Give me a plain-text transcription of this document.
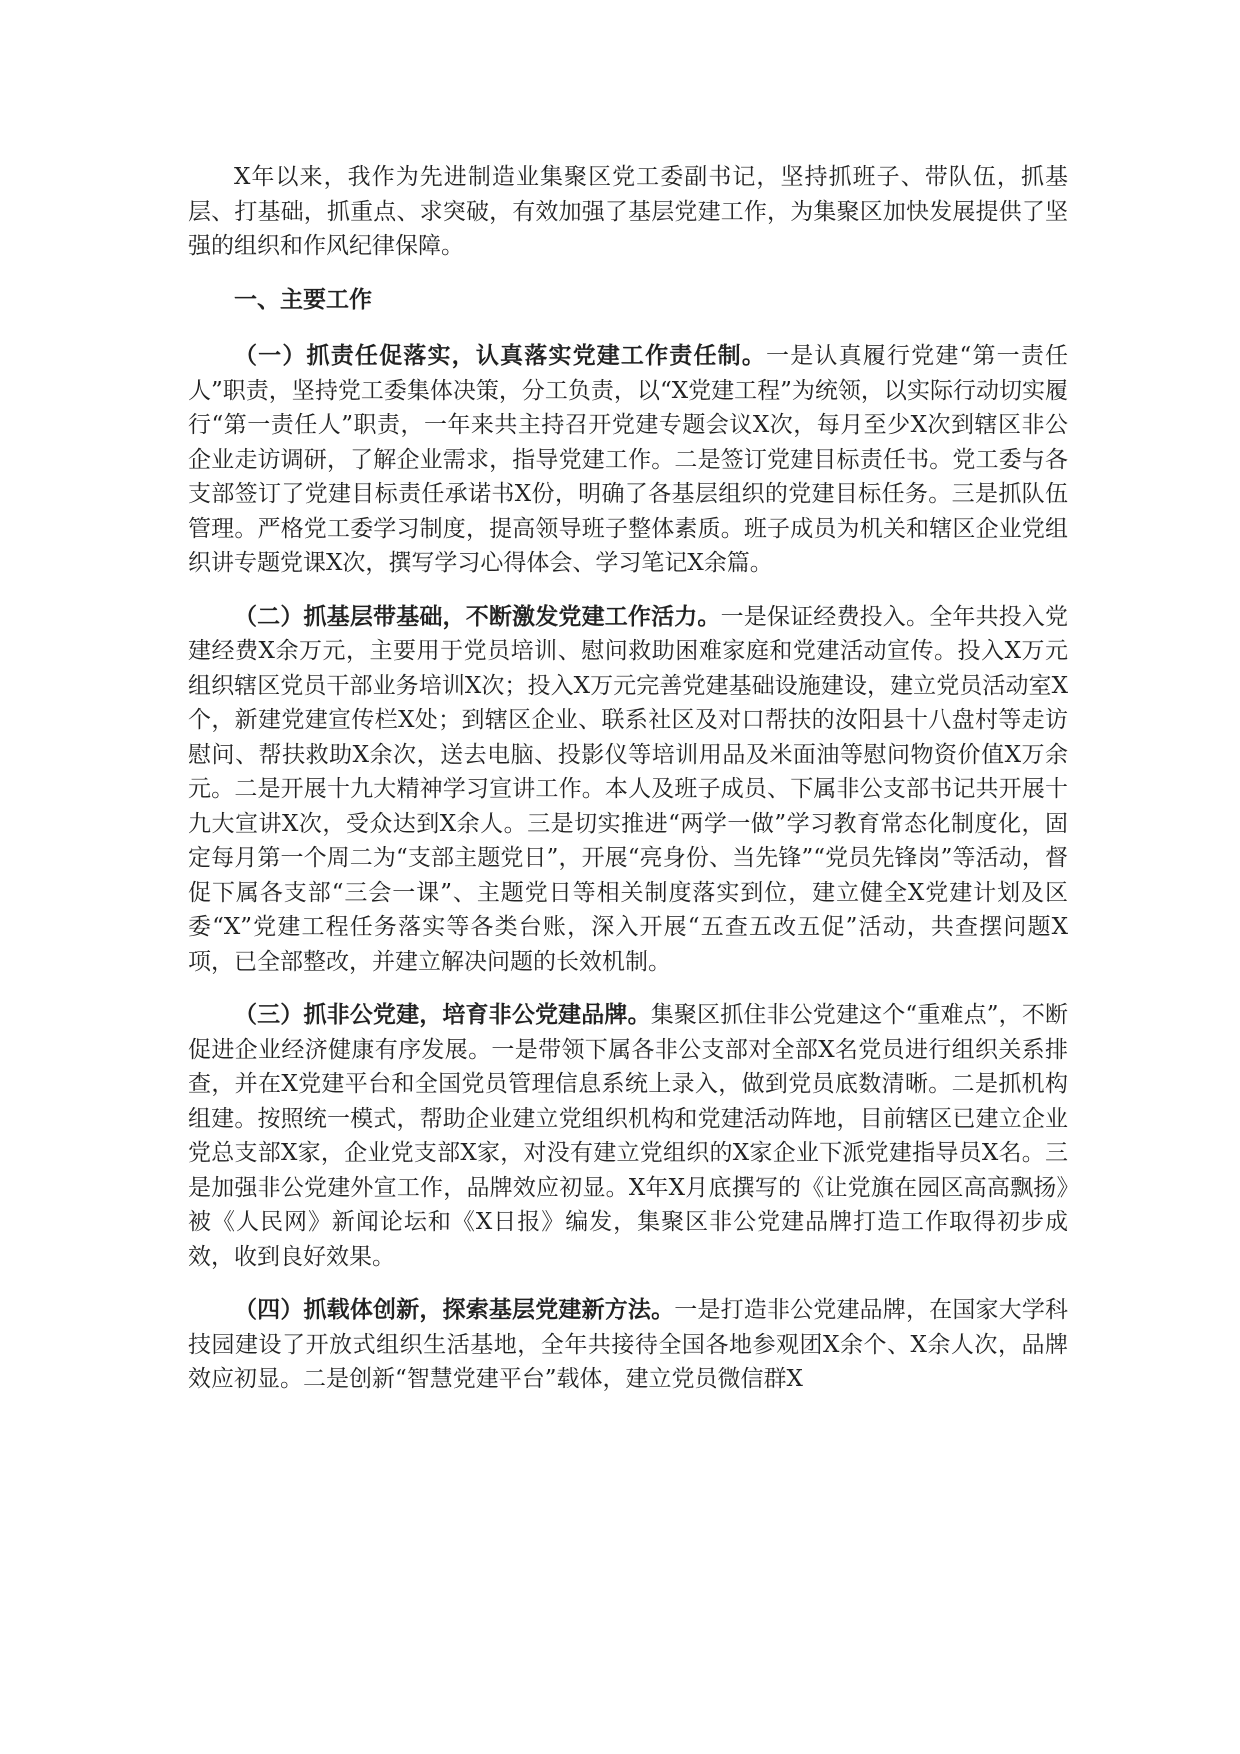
X年以来，我作为先进制造业集聚区党工委副书记，坚持抓班子、带队伍，抓基层、打基础，抓重点、求突破，有效加强了基层党建工作，为集聚区加快发展提供了坚强的组织和作风纪律保障。

一、主要工作

（一）抓责任促落实，认真落实党建工作责任制。一是认真履行党建“第一责任人”职责，坚持党工委集体决策，分工负责，以“X党建工程”为统领，以实际行动切实履行“第一责任人”职责，一年来共主持召开党建专题会议X次，每月至少X次到辖区非公企业走访调研，了解企业需求，指导党建工作。二是签订党建目标责任书。党工委与各支部签订了党建目标责任承诺书X份，明确了各基层组织的党建目标任务。三是抓队伍管理。严格党工委学习制度，提高领导班子整体素质。班子成员为机关和辖区企业党组织讲专题党课X次，撰写学习心得体会、学习笔记X余篇。

（二）抓基层带基础，不断激发党建工作活力。一是保证经费投入。全年共投入党建经费X余万元，主要用于党员培训、慰问救助困难家庭和党建活动宣传。投入X万元组织辖区党员干部业务培训X次；投入X万元完善党建基础设施建设，建立党员活动室X个，新建党建宣传栏X处；到辖区企业、联系社区及对口帮扶的汝阳县十八盘村等走访慰问、帮扶救助X余次，送去电脑、投影仪等培训用品及米面油等慰问物资价值X万余元。二是开展十九大精神学习宣讲工作。本人及班子成员、下属非公支部书记共开展十九大宣讲X次，受众达到X余人。三是切实推进“两学一做”学习教育常态化制度化，固定每月第一个周二为“支部主题党日”，开展“亮身份、当先锋”“党员先锋岗”等活动，督促下属各支部“三会一课”、主题党日等相关制度落实到位，建立健全X党建计划及区委“X”党建工程任务落实等各类台账，深入开展“五查五改五促”活动，共查摆问题X项，已全部整改，并建立解决问题的长效机制。

（三）抓非公党建，培育非公党建品牌。集聚区抓住非公党建这个“重难点”，不断促进企业经济健康有序发展。一是带领下属各非公支部对全部X名党员进行组织关系排查，并在X党建平台和全国党员管理信息系统上录入，做到党员底数清晰。二是抓机构组建。按照统一模式，帮助企业建立党组织机构和党建活动阵地，目前辖区已建立企业党总支部X家，企业党支部X家，对没有建立党组织的X家企业下派党建指导员X名。三是加强非公党建外宣工作，品牌效应初显。X年X月底撰写的《让党旗在园区高高飘扬》被《人民网》新闻论坛和《X日报》编发，集聚区非公党建品牌打造工作取得初步成效，收到良好效果。

（四）抓载体创新，探索基层党建新方法。一是打造非公党建品牌，在国家大学科技园建设了开放式组织生活基地，全年共接待全国各地参观团X余个、X余人次，品牌效应初显。二是创新“智慧党建平台”载体，建立党员微信群X
